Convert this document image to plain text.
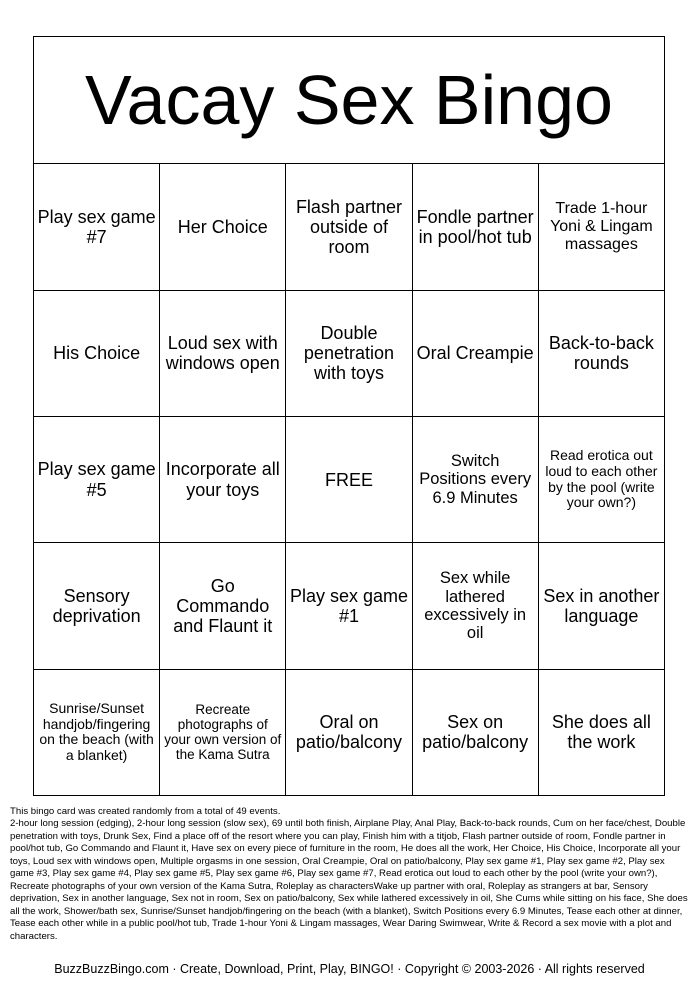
Vacay Sex Bingo				
Play sex game #7	Her Choice	Flash partner outside of room	Fondle partner in pool/hot tub	Trade 1-hour Yoni & Lingam massages
His Choice	Loud sex with windows open	Double penetration with toys	Oral Creampie	Back-to-back rounds
Play sex game #5	Incorporate all your toys	FREE	Switch Positions every 6.9 Minutes	Read erotica out loud to each other by the pool (write your own?)
Sensory deprivation	Go Commando and Flaunt it	Play sex game #1	Sex while lathered excessively in oil	Sex in another language
Sunrise/Sunset handjob/fingering on the beach (with a blanket)	Recreate photographs of your own version of the Kama Sutra	Oral on patio/balcony	Sex on patio/balcony	She does all the work
This bingo card was created randomly from a total of 49 events.
2-hour long session (edging), 2-hour long session (slow sex), 69 until both finish, Airplane Play, Anal Play, Back-to-back rounds, Cum on her face/chest, Double penetration with toys, Drunk Sex, Find a place off of the resort where you can play, Finish him with a titjob, Flash partner outside of room, Fondle partner in pool/hot tub, Go Commando and Flaunt it, Have sex on every piece of furniture in the room, He does all the work, Her Choice, His Choice, Incorporate all your toys, Loud sex with windows open, Multiple orgasms in one session, Oral Creampie, Oral on patio/balcony, Play sex game #1, Play sex game #2, Play sex game #3, Play sex game #4, Play sex game #5, Play sex game #6, Play sex game #7, Read erotica out loud to each other by the pool (write your own?), Recreate photographs of your own version of the Kama Sutra, Roleplay as charactersWake up partner with oral, Roleplay as strangers at bar, Sensory deprivation, Sex in another language, Sex not in room, Sex on patio/balcony, Sex while lathered excessively in oil, She Cums while sitting on his face, She does all the work, Shower/bath sex, Sunrise/Sunset handjob/fingering on the beach (with a blanket), Switch Positions every 6.9 Minutes, Tease each other at dinner, Tease each other while in a public pool/hot tub, Trade 1-hour Yoni & Lingam massages, Wear Daring Swimwear, Write & Record a sex movie with a plot and characters.
BuzzBuzzBingo.com · Create, Download, Print, Play, BINGO! · Copyright © 2003-2026 · All rights reserved
